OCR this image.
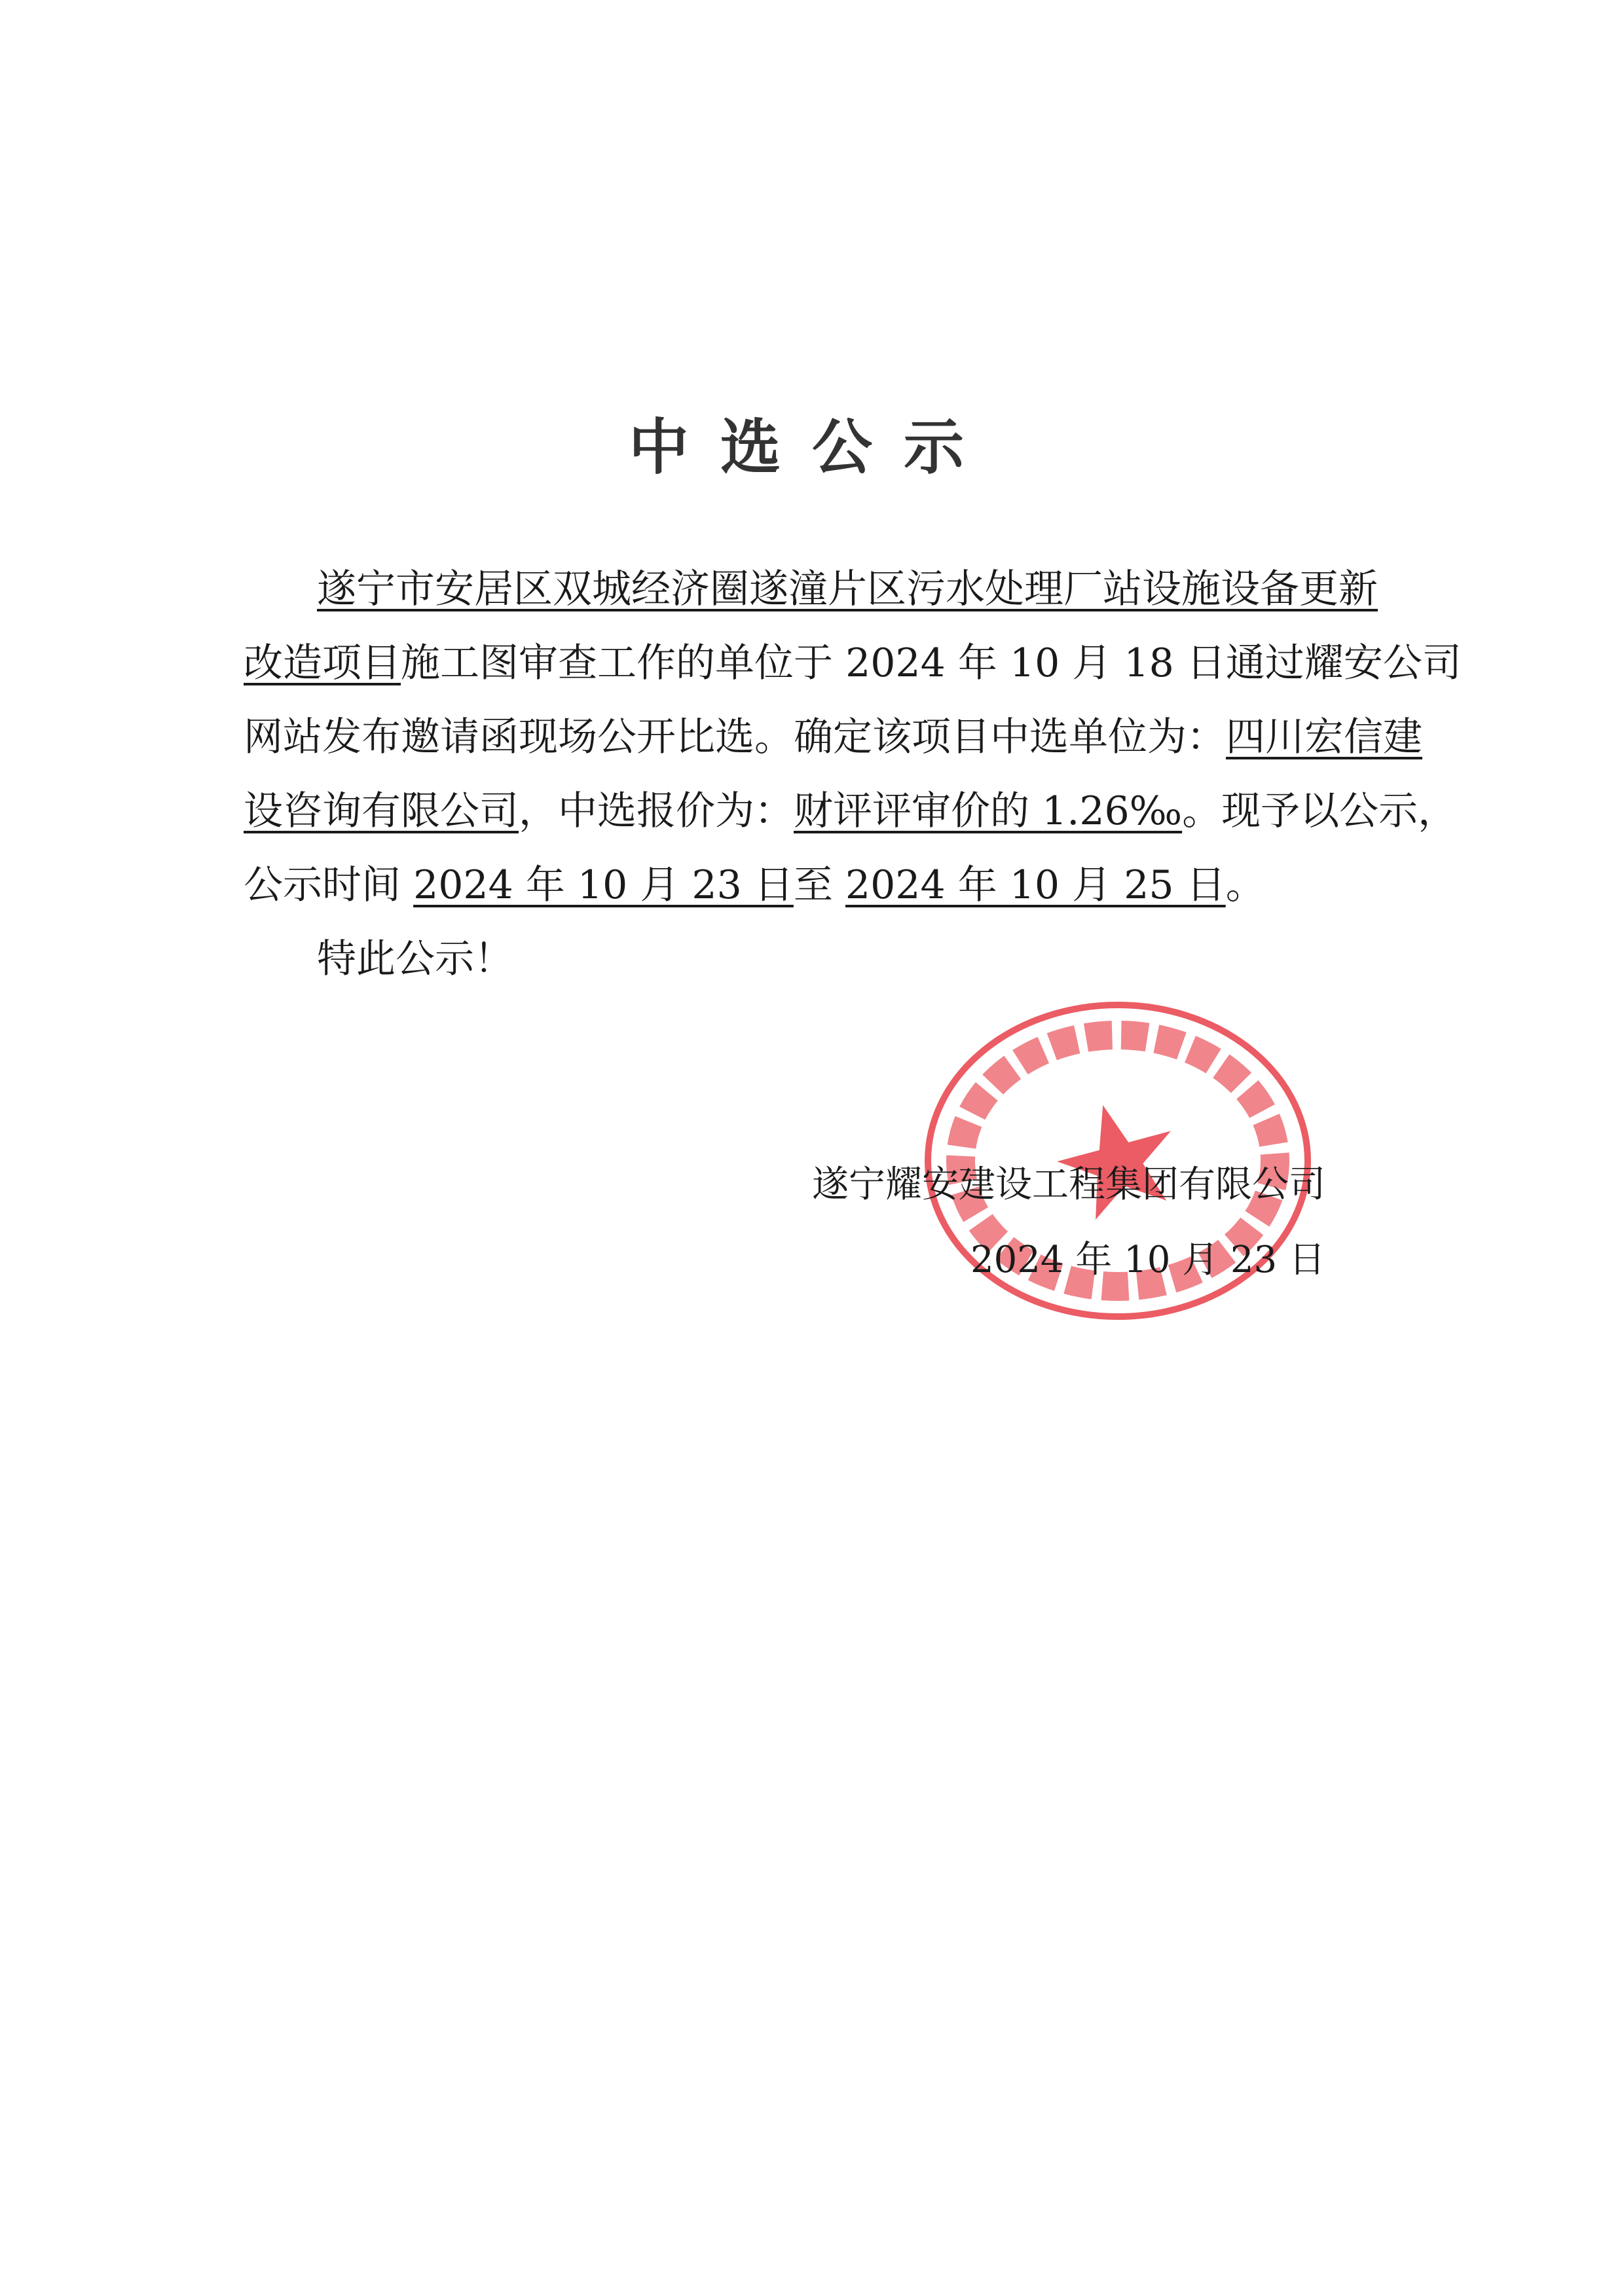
中选公示
遂宁市安居区双城经济圈遂潼片区污水处理厂站设施设备更新
改造项目施工图审查工作的单位于 2024 年 10 月 18 日通过耀安公司
网站发布邀请函现场公开比选。确定该项目中选单位为：四川宏信建
设咨询有限公司，中选报价为：财评评审价的 1.26‰。现予以公示，
公示时间 2024 年 10 月 23 日至 2024 年 10 月 25 日。
特此公示！
遂宁耀安建设工程集团有限公司
2024 年 10 月 23 日
